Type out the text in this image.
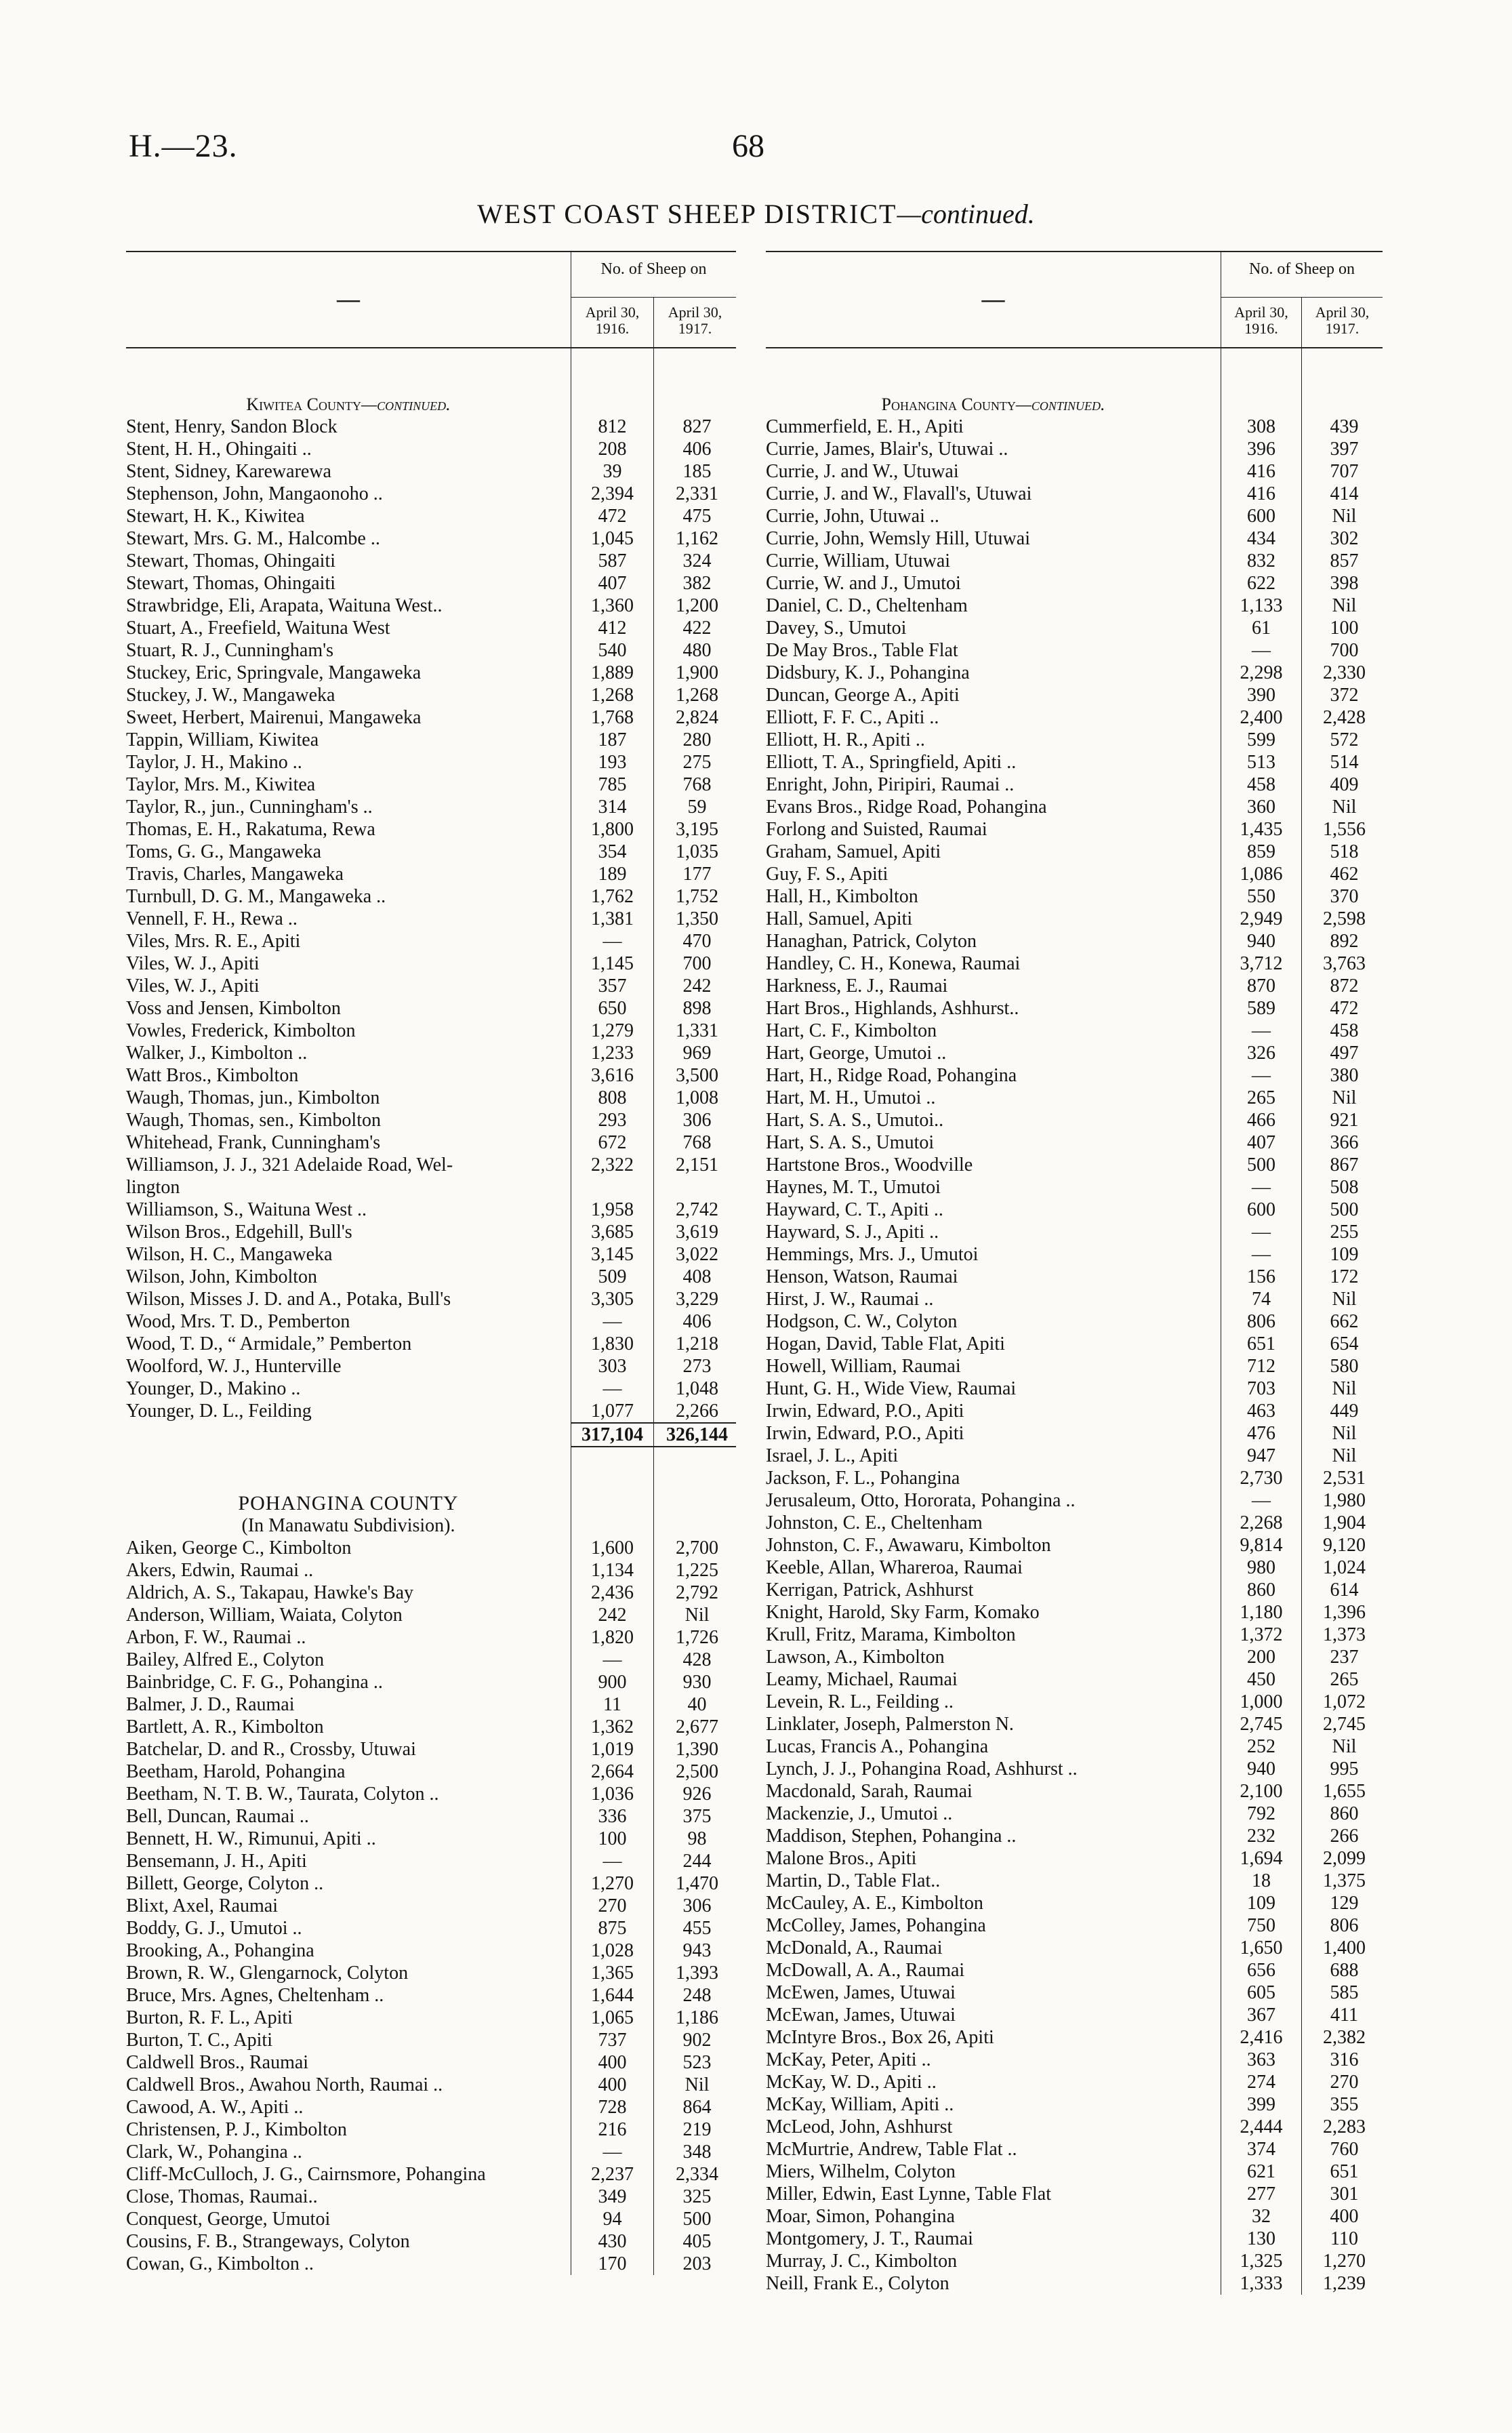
H.—23.	68
WEST COAST SHEEP DISTRICT—continued.
—
No. of Sheep on
April 30, 1916.
April 30, 1917.
Kiwitea County—continued.
Stent, Henry, Sandon Block	812	827
Stent, H. H., Ohingaiti ..	208	406
Stent, Sidney, Karewarewa	39	185
Stephenson, John, Mangaonoho ..	2,394	2,331
Stewart, H. K., Kiwitea	472	475
Stewart, Mrs. G. M., Halcombe ..	1,045	1,162
Stewart, Thomas, Ohingaiti	587	324
Stewart, Thomas, Ohingaiti	407	382
Strawbridge, Eli, Arapata, Waituna West..	1,360	1,200
Stuart, A., Freefield, Waituna West	412	422
Stuart, R. J., Cunningham's	540	480
Stuckey, Eric, Springvale, Mangaweka	1,889	1,900
Stuckey, J. W., Mangaweka	1,268	1,268
Sweet, Herbert, Mairenui, Mangaweka	1,768	2,824
Tappin, William, Kiwitea	187	280
Taylor, J. H., Makino ..	193	275
Taylor, Mrs. M., Kiwitea	785	768
Taylor, R., jun., Cunningham's ..	314	59
Thomas, E. H., Rakatuma, Rewa	1,800	3,195
Toms, G. G., Mangaweka	354	1,035
Travis, Charles, Mangaweka	189	177
Turnbull, D. G. M., Mangaweka ..	1,762	1,752
Vennell, F. H., Rewa ..	1,381	1,350
Viles, Mrs. R. E., Apiti	—	470
Viles, W. J., Apiti	1,145	700
Viles, W. J., Apiti	357	242
Voss and Jensen, Kimbolton	650	898
Vowles, Frederick, Kimbolton	1,279	1,331
Walker, J., Kimbolton ..	1,233	969
Watt Bros., Kimbolton	3,616	3,500
Waugh, Thomas, jun., Kimbolton	808	1,008
Waugh, Thomas, sen., Kimbolton	293	306
Whitehead, Frank, Cunningham's	672	768
Williamson, J. J., 321 Adelaide Road, Wel-	2,322	2,151
lington
Williamson, S., Waituna West ..	1,958	2,742
Wilson Bros., Edgehill, Bull's	3,685	3,619
Wilson, H. C., Mangaweka	3,145	3,022
Wilson, John, Kimbolton	509	408
Wilson, Misses J. D. and A., Potaka, Bull's	3,305	3,229
Wood, Mrs. T. D., Pemberton	—	406
Wood, T. D., “ Armidale,” Pemberton	1,830	1,218
Woolford, W. J., Hunterville	303	273
Younger, D., Makino ..	—	1,048
Younger, D. L., Feilding	1,077	2,266
317,104	326,144
POHANGINA COUNTY
(In Manawatu Subdivision).
Aiken, George C., Kimbolton	1,600	2,700
Akers, Edwin, Raumai ..	1,134	1,225
Aldrich, A. S., Takapau, Hawke's Bay	2,436	2,792
Anderson, William, Waiata, Colyton	242	Nil
Arbon, F. W., Raumai ..	1,820	1,726
Bailey, Alfred E., Colyton	—	428
Bainbridge, C. F. G., Pohangina ..	900	930
Balmer, J. D., Raumai	11	40
Bartlett, A. R., Kimbolton	1,362	2,677
Batchelar, D. and R., Crossby, Utuwai	1,019	1,390
Beetham, Harold, Pohangina	2,664	2,500
Beetham, N. T. B. W., Taurata, Colyton ..	1,036	926
Bell, Duncan, Raumai ..	336	375
Bennett, H. W., Rimunui, Apiti ..	100	98
Bensemann, J. H., Apiti	—	244
Billett, George, Colyton ..	1,270	1,470
Blixt, Axel, Raumai	270	306
Boddy, G. J., Umutoi ..	875	455
Brooking, A., Pohangina	1,028	943
Brown, R. W., Glengarnock, Colyton	1,365	1,393
Bruce, Mrs. Agnes, Cheltenham ..	1,644	248
Burton, R. F. L., Apiti	1,065	1,186
Burton, T. C., Apiti	737	902
Caldwell Bros., Raumai	400	523
Caldwell Bros., Awahou North, Raumai ..	400	Nil
Cawood, A. W., Apiti ..	728	864
Christensen, P. J., Kimbolton	216	219
Clark, W., Pohangina ..	—	348
Cliff-McCulloch, J. G., Cairnsmore, Pohangina	2,237	2,334
Close, Thomas, Raumai..	349	325
Conquest, George, Umutoi	94	500
Cousins, F. B., Strangeways, Colyton	430	405
Cowan, G., Kimbolton ..	170	203
—
No. of Sheep on
April 30, 1916.
April 30, 1917.
Pohangina County—continued.
Cummerfield, E. H., Apiti	308	439
Currie, James, Blair's, Utuwai ..	396	397
Currie, J. and W., Utuwai	416	707
Currie, J. and W., Flavall's, Utuwai	416	414
Currie, John, Utuwai ..	600	Nil
Currie, John, Wemsly Hill, Utuwai	434	302
Currie, William, Utuwai	832	857
Currie, W. and J., Umutoi	622	398
Daniel, C. D., Cheltenham	1,133	Nil
Davey, S., Umutoi	61	100
De May Bros., Table Flat	—	700
Didsbury, K. J., Pohangina	2,298	2,330
Duncan, George A., Apiti	390	372
Elliott, F. F. C., Apiti ..	2,400	2,428
Elliott, H. R., Apiti ..	599	572
Elliott, T. A., Springfield, Apiti ..	513	514
Enright, John, Piripiri, Raumai ..	458	409
Evans Bros., Ridge Road, Pohangina	360	Nil
Forlong and Suisted, Raumai	1,435	1,556
Graham, Samuel, Apiti	859	518
Guy, F. S., Apiti	1,086	462
Hall, H., Kimbolton	550	370
Hall, Samuel, Apiti	2,949	2,598
Hanaghan, Patrick, Colyton	940	892
Handley, C. H., Konewa, Raumai	3,712	3,763
Harkness, E. J., Raumai	870	872
Hart Bros., Highlands, Ashhurst..	589	472
Hart, C. F., Kimbolton	—	458
Hart, George, Umutoi ..	326	497
Hart, H., Ridge Road, Pohangina	—	380
Hart, M. H., Umutoi ..	265	Nil
Hart, S. A. S., Umutoi..	466	921
Hart, S. A. S., Umutoi	407	366
Hartstone Bros., Woodville	500	867
Haynes, M. T., Umutoi	—	508
Hayward, C. T., Apiti ..	600	500
Hayward, S. J., Apiti ..	—	255
Hemmings, Mrs. J., Umutoi	—	109
Henson, Watson, Raumai	156	172
Hirst, J. W., Raumai ..	74	Nil
Hodgson, C. W., Colyton	806	662
Hogan, David, Table Flat, Apiti	651	654
Howell, William, Raumai	712	580
Hunt, G. H., Wide View, Raumai	703	Nil
Irwin, Edward, P.O., Apiti	463	449
Irwin, Edward, P.O., Apiti	476	Nil
Israel, J. L., Apiti	947	Nil
Jackson, F. L., Pohangina	2,730	2,531
Jerusaleum, Otto, Hororata, Pohangina ..	—	1,980
Johnston, C. E., Cheltenham	2,268	1,904
Johnston, C. F., Awawaru, Kimbolton	9,814	9,120
Keeble, Allan, Whareroa, Raumai	980	1,024
Kerrigan, Patrick, Ashhurst	860	614
Knight, Harold, Sky Farm, Komako	1,180	1,396
Krull, Fritz, Marama, Kimbolton	1,372	1,373
Lawson, A., Kimbolton	200	237
Leamy, Michael, Raumai	450	265
Levein, R. L., Feilding ..	1,000	1,072
Linklater, Joseph, Palmerston N.	2,745	2,745
Lucas, Francis A., Pohangina	252	Nil
Lynch, J. J., Pohangina Road, Ashhurst ..	940	995
Macdonald, Sarah, Raumai	2,100	1,655
Mackenzie, J., Umutoi ..	792	860
Maddison, Stephen, Pohangina ..	232	266
Malone Bros., Apiti	1,694	2,099
Martin, D., Table Flat..	18	1,375
McCauley, A. E., Kimbolton	109	129
McColley, James, Pohangina	750	806
McDonald, A., Raumai	1,650	1,400
McDowall, A. A., Raumai	656	688
McEwen, James, Utuwai	605	585
McEwan, James, Utuwai	367	411
McIntyre Bros., Box 26, Apiti	2,416	2,382
McKay, Peter, Apiti ..	363	316
McKay, W. D., Apiti ..	274	270
McKay, William, Apiti ..	399	355
McLeod, John, Ashhurst	2,444	2,283
McMurtrie, Andrew, Table Flat ..	374	760
Miers, Wilhelm, Colyton	621	651
Miller, Edwin, East Lynne, Table Flat	277	301
Moar, Simon, Pohangina	32	400
Montgomery, J. T., Raumai	130	110
Murray, J. C., Kimbolton	1,325	1,270
Neill, Frank E., Colyton	1,333	1,239
